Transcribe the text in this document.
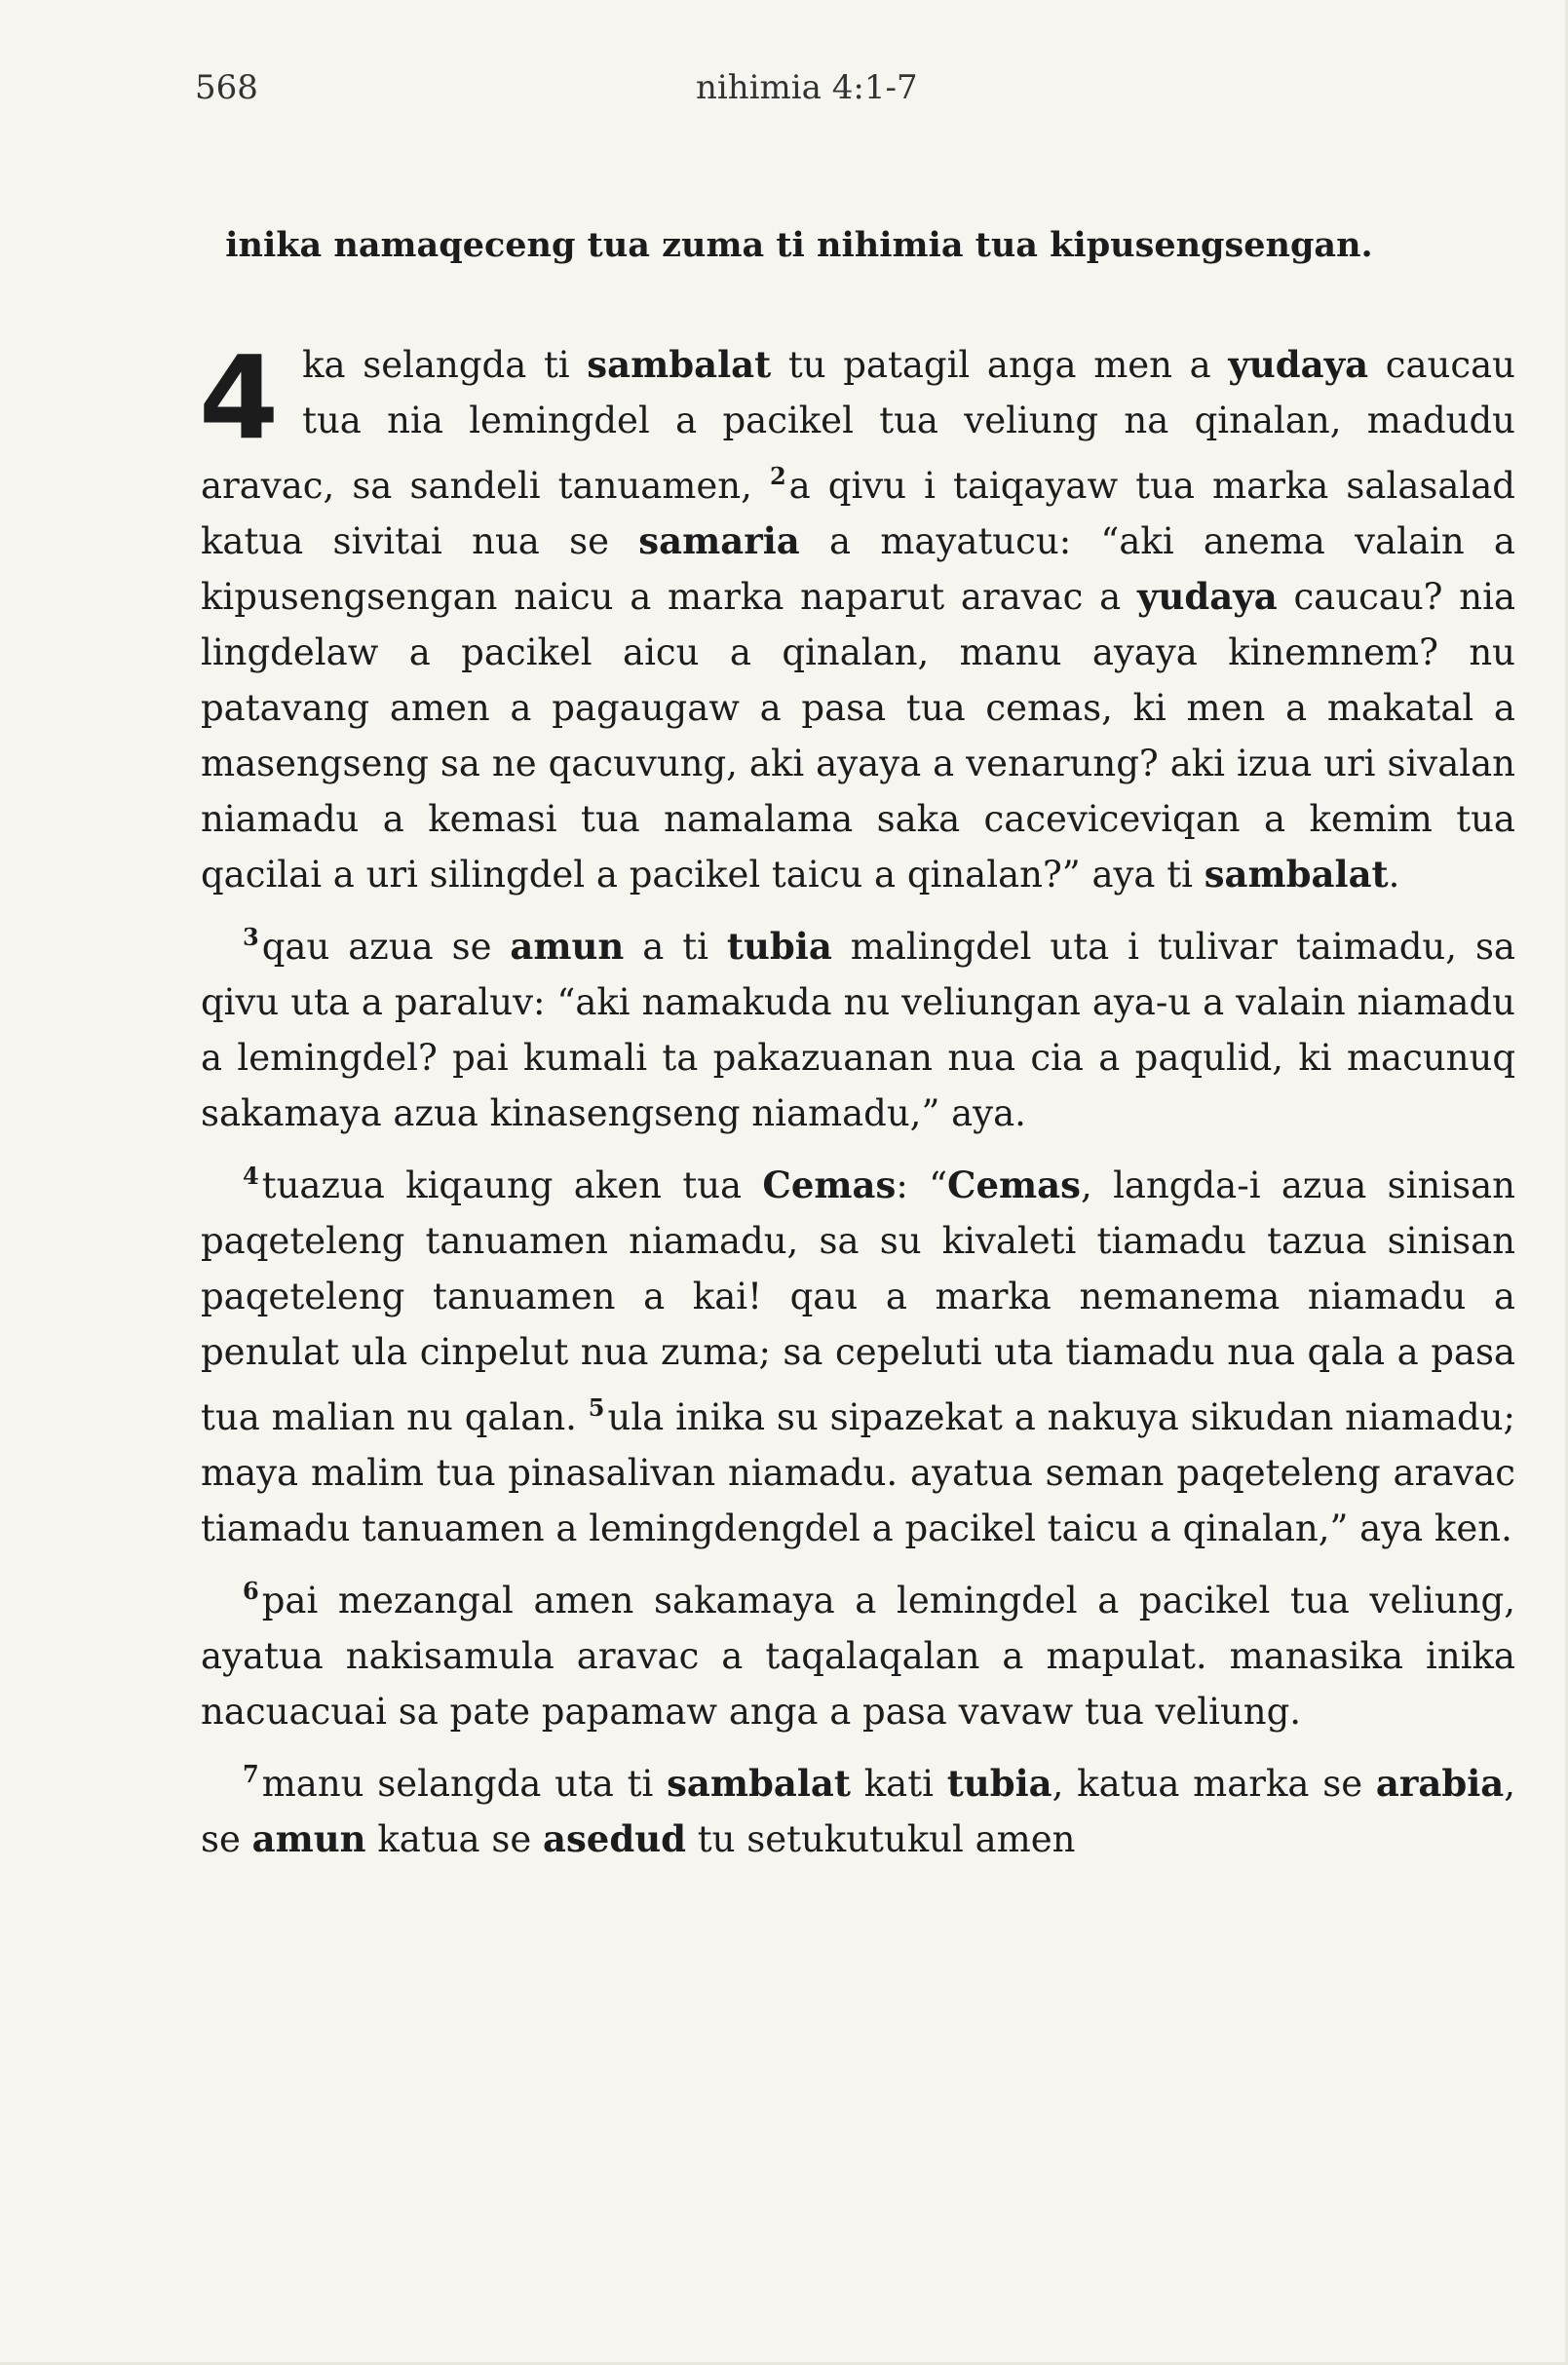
568	nihimia 4:1-7
inika namaqeceng tua zuma ti nihimia tua kipusengsengan.

4 ka selangda ti sambalat tu patagil anga men a yudaya caucau tua nia lemingdel a pacikel tua veliung na qinalan, madudu aravac, sa sandeli tanuamen, $^2$a qivu i taiqayaw tua marka salasalad katua sivitai nua se samaria a mayatucu: “aki anema valain a kipusengsengan naicu a marka naparut aravac a yudaya caucau? nia lingdelaw a pacikel aicu a qinalan, manu ayaya kinemnem? nu patavang amen a pagaugaw a pasa tua cemas, ki men a makatal a masengseng sa ne qacuvung, aki ayaya a venarung? aki izua uri sivalan niamadu a kemasi tua namalama saka caceviceviqan a kemim tua qacilai a uri silingdel a pacikel taicu a qinalan?” aya ti sambalat.

$^3$qau azua se amun a ti tubia malingdel uta i tulivar taimadu, sa qivu uta a paraluv: “aki namakuda nu veliungan aya-u a valain niamadu a lemingdel? pai kumali ta pakazuanan nua cia a paqulid, ki macunuq sakamaya azua kinasengseng niamadu,” aya.

$^4$tuazua kiqaung aken tua Cemas: “Cemas, langda-i azua sinisan paqeteleng tanuamen niamadu, sa su kivaleti tiamadu tazua sinisan paqeteleng tanuamen a kai! qau a marka nemanema niamadu a penulat ula cinpelut nua zuma; sa cepeluti uta tiamadu nua qala a pasa tua malian nu qalan. $^5$ula inika su sipazekat a nakuya sikudan niamadu; maya malim tua pinasalivan niamadu. ayatua seman paqeteleng aravac tiamadu tanuamen a lemingdengdel a pacikel taicu a qinalan,” aya ken.

$^6$pai mezangal amen sakamaya a lemingdel a pacikel tua veliung, ayatua nakisamula aravac a taqalaqalan a mapulat. manasika inika nacuacuai sa pate papamaw anga a pasa vavaw tua veliung.

$^7$manu selangda uta ti sambalat kati tubia, katua marka se arabia, se amun katua se asedud tu setukutukul amen
